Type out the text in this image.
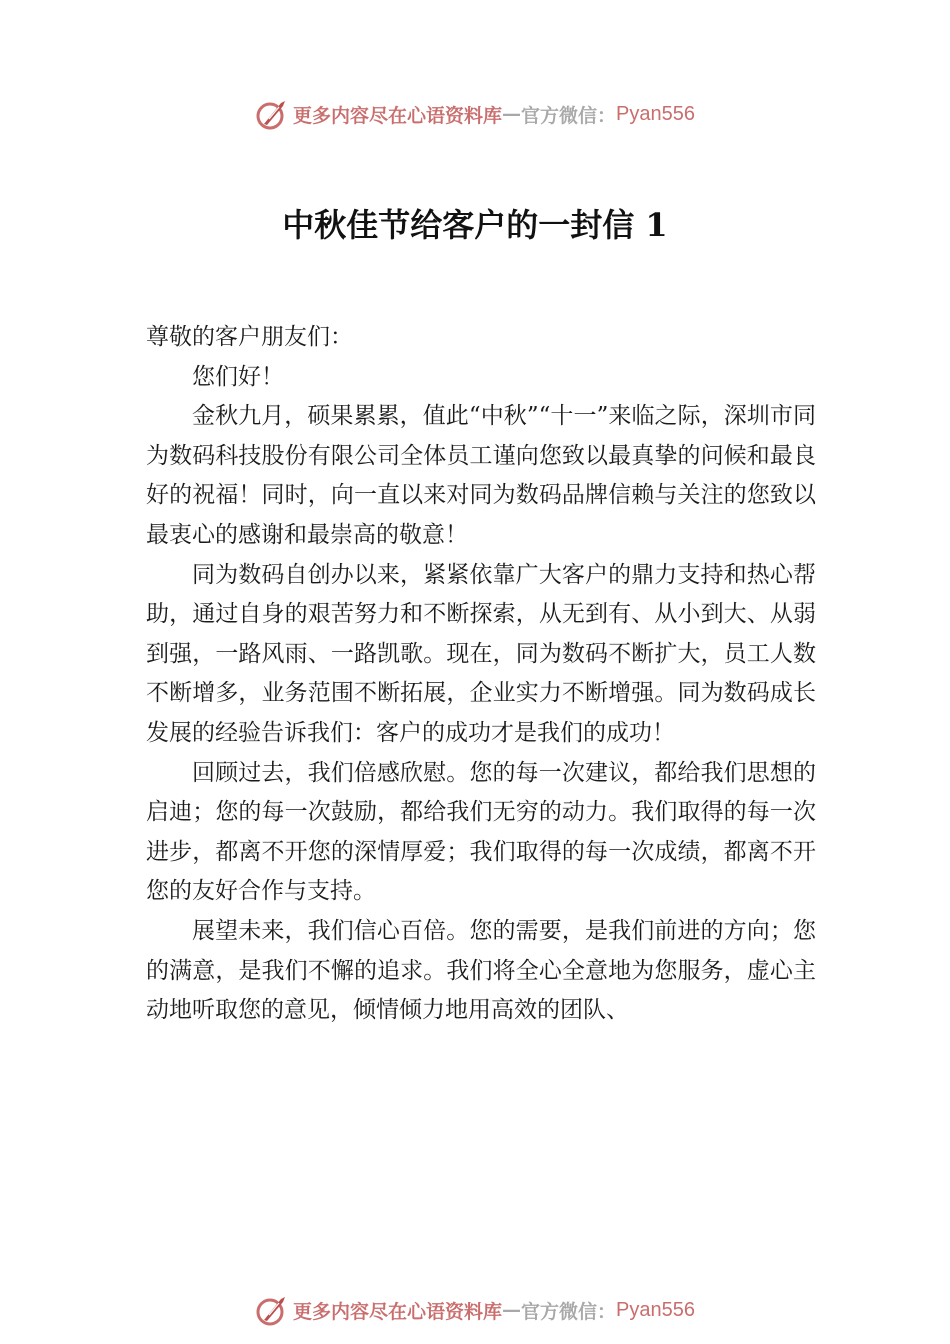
更多内容尽在心语资料库 — 官方微信： Pyan556
中秋佳节给客户的一封信 1

尊敬的客户朋友们：

您们好！

金秋九月，硕果累累，值此“中秋”“十一”来临之际，深圳市同为数码科技股份有限公司全体员工谨向您致以最真挚的问候和最良好的祝福！同时，向一直以来对同为数码品牌信赖与关注的您致以最衷心的感谢和最崇高的敬意！

同为数码自创办以来，紧紧依靠广大客户的鼎力支持和热心帮助，通过自身的艰苦努力和不断探索，从无到有、从小到大、从弱到强，一路风雨、一路凯歌。现在，同为数码不断扩大，员工人数不断增多，业务范围不断拓展，企业实力不断增强。同为数码成长发展的经验告诉我们：客户的成功才是我们的成功！

回顾过去，我们倍感欣慰。您的每一次建议，都给我们思想的启迪；您的每一次鼓励，都给我们无穷的动力。我们取得的每一次进步，都离不开您的深情厚爱；我们取得的每一次成绩，都离不开您的友好合作与支持。

展望未来，我们信心百倍。您的需要，是我们前进的方向；您的满意，是我们不懈的追求。我们将全心全意地为您服务，虚心主动地听取您的意见，倾情倾力地用高效的团队、

更多内容尽在心语资料库 — 官方微信： Pyan556
